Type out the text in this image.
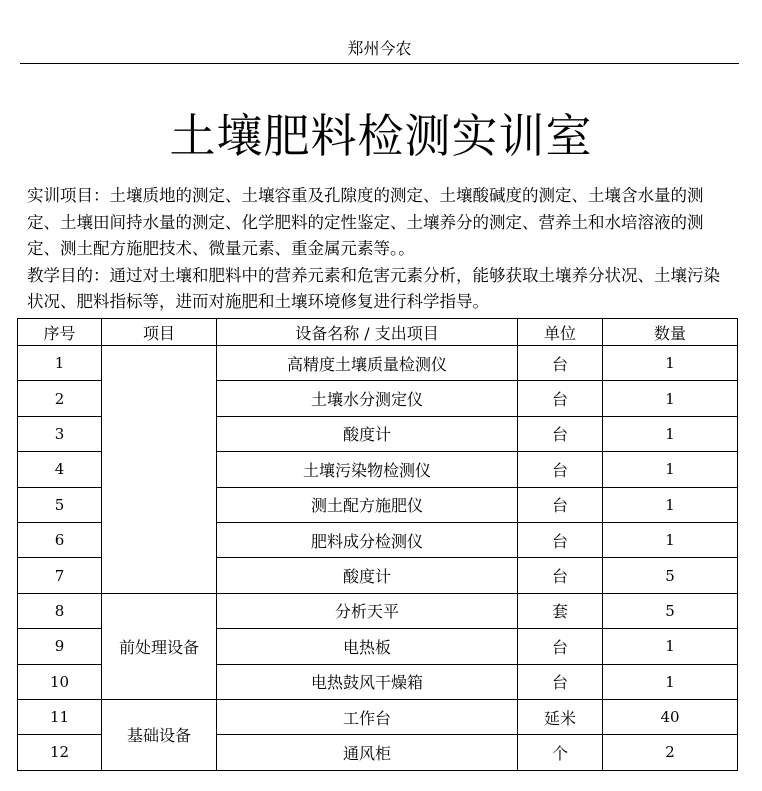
郑州今农
土壤肥料检测实训室

实训项目：土壤质地的测定、土壤容重及孔隙度的测定、土壤酸碱度的测定、土壤含水量的测定、土壤田间持水量的测定、化学肥料的定性鉴定、土壤养分的测定、营养土和水培溶液的测定、测土配方施肥技术、微量元素、重金属元素等。。

教学目的：通过对土壤和肥料中的营养元素和危害元素分析，能够获取土壤养分状况、土壤污染状况、肥料指标等，进而对施肥和土壤环境修复进行科学指导。

序号	项目	设备名称 / 支出项目	单位	数量
1		高精度土壤质量检测仪	台	1
2		土壤水分测定仪	台	1
3		酸度计	台	1
4		土壤污染物检测仪	台	1
5		测土配方施肥仪	台	1
6		肥料成分检测仪	台	1
7		酸度计	台	5
8	前处理设备	分析天平	套	5
9		电热板	台	1
10		电热鼓风干燥箱	台	1
11	基础设备	工作台	延米	40
12		通风柜	个	2
